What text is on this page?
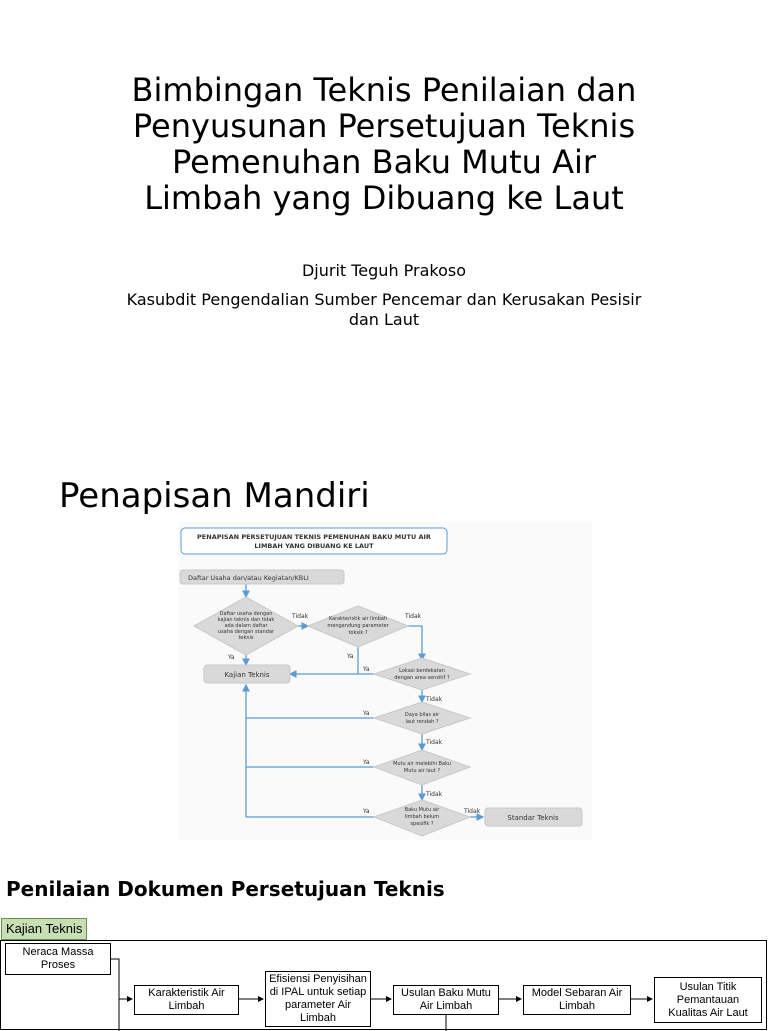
Bimbingan Teknis Penilaian dan
Penyusunan Persetujuan Teknis
Pemenuhan Baku Mutu Air
Limbah yang Dibuang ke Laut
Djurit Teguh Prakoso
Kasubdit Pengendalian Sumber Pencemar dan Kerusakan Pesisir dan Laut
Penapisan Mandiri
PENAPISAN PERSETUJUAN TEKNIS PEMENUHAN BAKU MUTU AIR
LIMBAH YANG DIBUANG KE LAUT
Daftar Usaha dan/atau Kegiatan/KBLI
Daftar usaha dengan
kajian teknis dan tidak
ada dalam daftar
usaha dengan standar
teknis
Karakteristik air limbah
mengandung parameter
toksik ?
Kajian Teknis	Lokasi berdekatan
dengan area sensitif ?
Daya bilas air
laut rendah ?
Mutu air melebihi Baku
Mutu air laut ?
Baku Mutu air
limbah belum
spesifik ?
Standar Teknis
Tidak	Tidak
Ya	Ya
Ya
Tidak
Ya
Tidak
Ya
Tidak
Ya	Tidak
Penilaian Dokumen Persetujuan Teknis
Kajian Teknis
Neraca Massa Proses
Karakteristik Air Limbah
Efisiensi Penyisihan di IPAL untuk setiap parameter Air Limbah
Usulan Baku Mutu Air Limbah
Model Sebaran Air Limbah
Usulan Titik Pemantauan Kualitas Air Laut
